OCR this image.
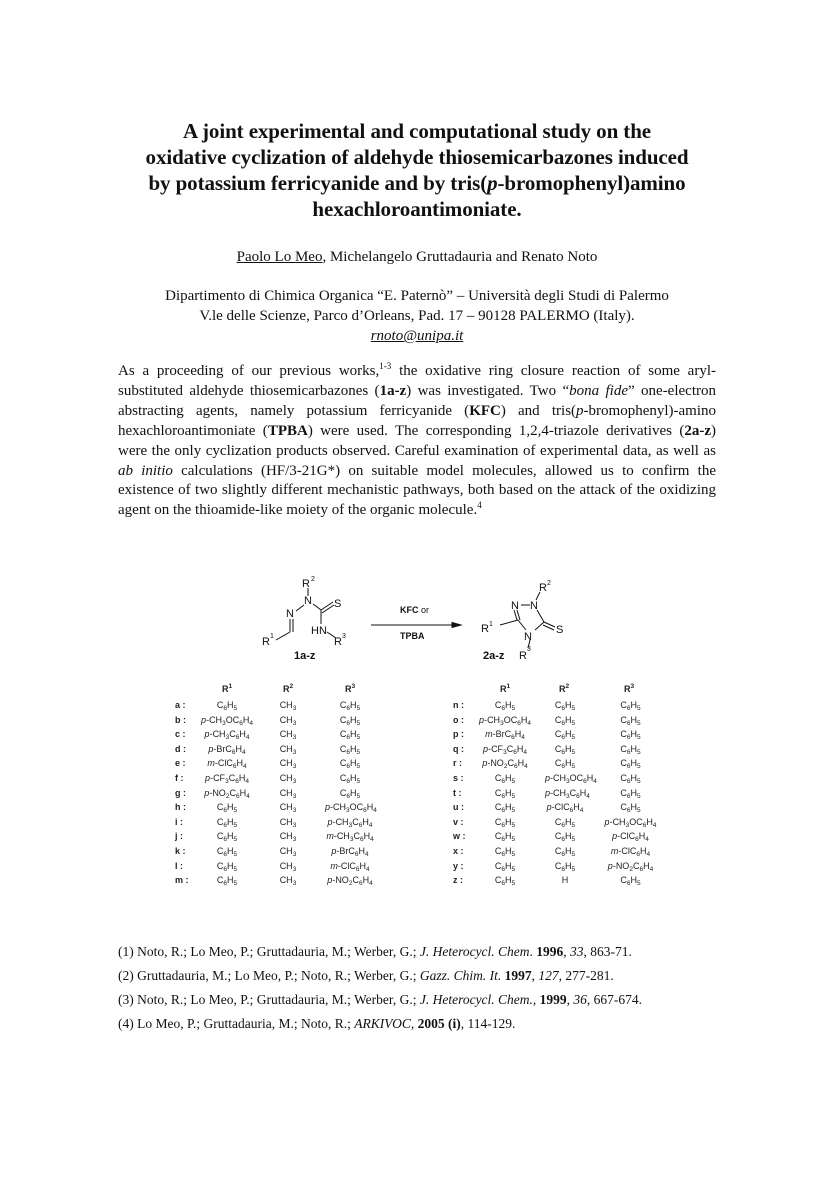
A joint experimental and computational study on the
oxidative cyclization of aldehyde thiosemicarbazones induced
by potassium ferricyanide and by tris(p-bromophenyl)amino
hexachloroantimoniate.
Paolo Lo Meo, Michelangelo Gruttadauria and Renato Noto
Dipartimento di Chimica Organica “E. Paternò” – Università degli Studi di Palermo
V.le delle Scienze, Parco d’Orleans, Pad. 17 – 90128 PALERMO (Italy).
rnoto@unipa.it
As a proceeding of our previous works,$^{1-3}$ the oxidative ring closure reaction of some aryl-substituted aldehyde thiosemicarbazones (1a-z) was investigated. Two “bona fide” one-electron abstracting agents, namely potassium ferricyanide (KFC) and tris(p-bromophenyl)-amino hexachloroantimoniate (TPBA) were used. The corresponding 1,2,4-triazole derivatives (2a-z) were the only cyclization products observed. Careful examination of experimental data, as well as ab initio calculations (HF/3-21G*) on suitable model molecules, allowed us to confirm the existence of two slightly different mechanistic pathways, both based on the attack of the oxidizing agent on the thioamide-like moiety of the organic molecule.$^4$
R 2
N
N
S
HN
R 1	R 3
1a-z
KFC or
TPBA
R 2
N N
S
N
R 1
R
3
2a-z
$R^1$	$R^2$	$R^3$
a :	$C_6H_5$	$CH_3$	$C_6H_5$
b :	$p-CH_3OC_6H_4$	$CH_3$	$C_6H_5$
c :	$p-CH_3C_6H_4$	$CH_3$	$C_6H_5$
d :	$p-BrC_6H_4$	$CH_3$	$C_6H_5$
e :	$m-ClC_6H_4$	$CH_3$	$C_6H_5$
f :	$p-CF_3C_6H_4$	$CH_3$	$C_6H_5$
g :	$p-NO_2C_6H_4$	$CH_3$	$C_6H_5$
h :	$C_6H_5$	$CH_3$	$p-CH_3OC_6H_4$
i :	$C_6H_5$	$CH_3$	$p-CH_3C_6H_4$
j :	$C_6H_5$	$CH_3$	$m-CH_3C_6H_4$
k :	$C_6H_5$	$CH_3$	$p-BrC_6H_4$
l :	$C_6H_5$	$CH_3$	$m-ClC_6H_4$
m :	$C_6H_5$	$CH_3$	$p-NO_2C_6H_4$
$R^1$	$R^2$	$R^3$
n :	$C_6H_5$	$C_6H_5$	$C_6H_5$
o :	$p-CH_3OC_6H_4$	$C_6H_5$	$C_6H_5$
p :	$m-BrC_6H_4$	$C_6H_5$	$C_6H_5$
q :	$p-CF_3C_6H_4$	$C_6H_5$	$C_6H_5$
r :	$p-NO_2C_6H_4$	$C_6H_5$	$C_6H_5$
s :	$C_6H_5$	$p-CH_3OC_6H_4$	$C_6H_5$
t :	$C_6H_5$	$p-CH_3C_6H_4$	$C_6H_5$
u :	$C_6H_5$	$p-ClC_6H_4$	$C_6H_5$
v :	$C_6H_5$	$C_6H_5$	$p-CH_3OC_6H_4$
w :	$C_6H_5$	$C_6H_5$	$p-ClC_6H_4$
x :	$C_6H_5$	$C_6H_5$	$m-ClC_6H_4$
y :	$C_6H_5$	$C_6H_5$	$p-NO_2C_6H_4$
z :	$C_6H_5$	H	$C_6H_5$
(1) Noto, R.; Lo Meo, P.; Gruttadauria, M.; Werber, G.; J. Heterocycl. Chem. 1996, 33, 863-71.
(2) Gruttadauria, M.; Lo Meo, P.; Noto, R.; Werber, G.; Gazz. Chim. It. 1997, 127, 277-281.
(3) Noto, R.; Lo Meo, P.; Gruttadauria, M.; Werber, G.; J. Heterocycl. Chem., 1999, 36, 667-674.
(4) Lo Meo, P.; Gruttadauria, M.; Noto, R.; ARKIVOC, 2005 (i), 114-129.
